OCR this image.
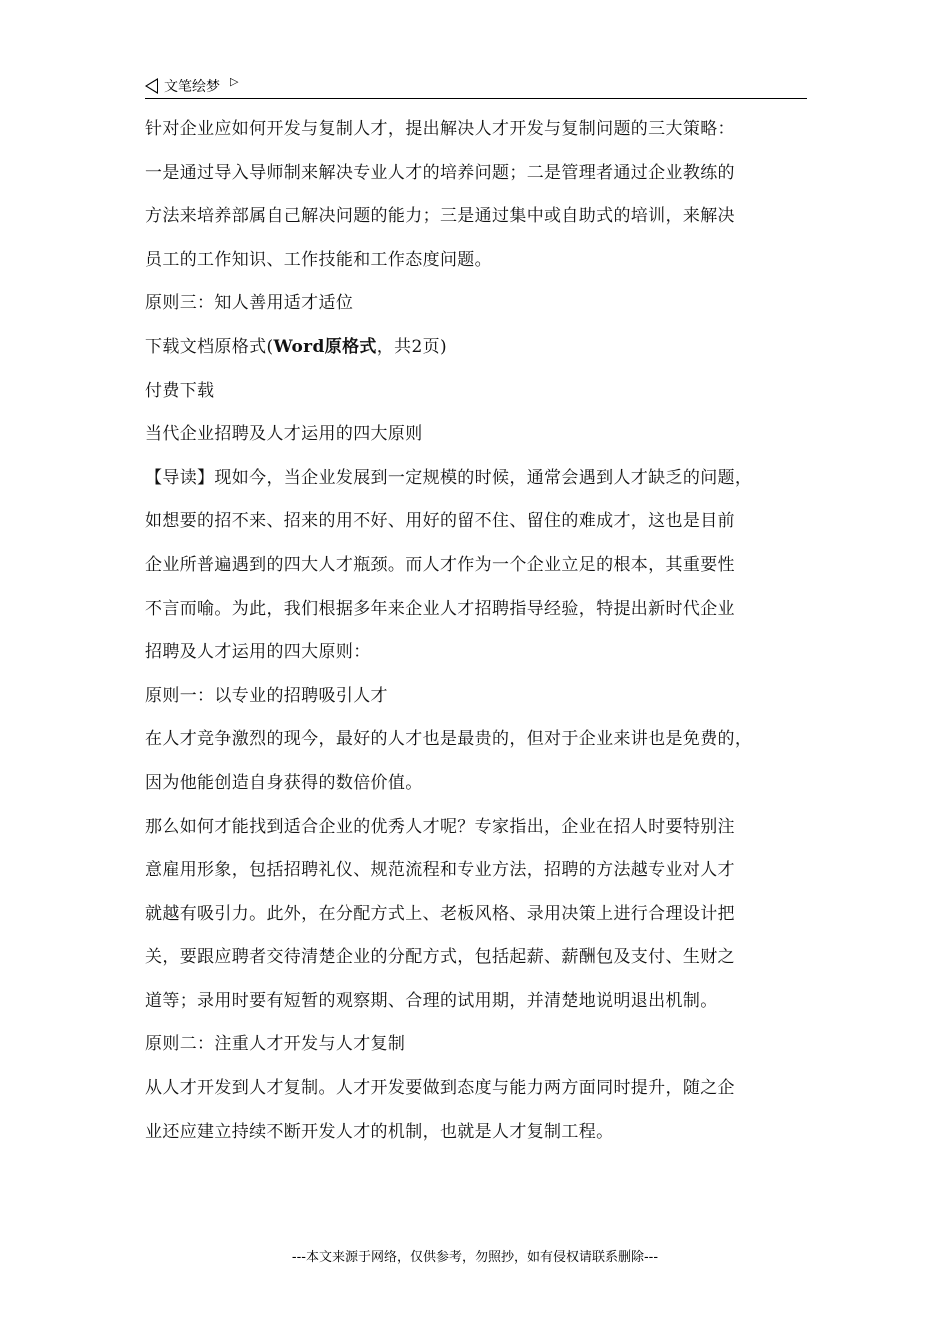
文笔绘梦 ▷
针对企业应如何开发与复制人才，提出解决人才开发与复制问题的三大策略：
一是通过导入导师制来解决专业人才的培养问题；二是管理者通过企业教练的
方法来培养部属自己解决问题的能力；三是通过集中或自助式的培训，来解决
员工的工作知识、工作技能和工作态度问题。
原则三：知人善用适才适位
下载文档原格式(Word原格式，共2页)
付费下载
当代企业招聘及人才运用的四大原则
【导读】现如今，当企业发展到一定规模的时候，通常会遇到人才缺乏的问题，
如想要的招不来、招来的用不好、用好的留不住、留住的难成才，这也是目前
企业所普遍遇到的四大人才瓶颈。而人才作为一个企业立足的根本，其重要性
不言而喻。为此，我们根据多年来企业人才招聘指导经验，特提出新时代企业
招聘及人才运用的四大原则：
原则一：以专业的招聘吸引人才
在人才竞争激烈的现今，最好的人才也是最贵的，但对于企业来讲也是免费的，
因为他能创造自身获得的数倍价值。
那么如何才能找到适合企业的优秀人才呢？专家指出，企业在招人时要特别注
意雇用形象，包括招聘礼仪、规范流程和专业方法，招聘的方法越专业对人才
就越有吸引力。此外，在分配方式上、老板风格、录用决策上进行合理设计把
关，要跟应聘者交待清楚企业的分配方式，包括起薪、薪酬包及支付、生财之
道等；录用时要有短暂的观察期、合理的试用期，并清楚地说明退出机制。
原则二：注重人才开发与人才复制
从人才开发到人才复制。人才开发要做到态度与能力两方面同时提升，随之企
业还应建立持续不断开发人才的机制，也就是人才复制工程。
---本文来源于网络，仅供参考，勿照抄，如有侵权请联系删除---
